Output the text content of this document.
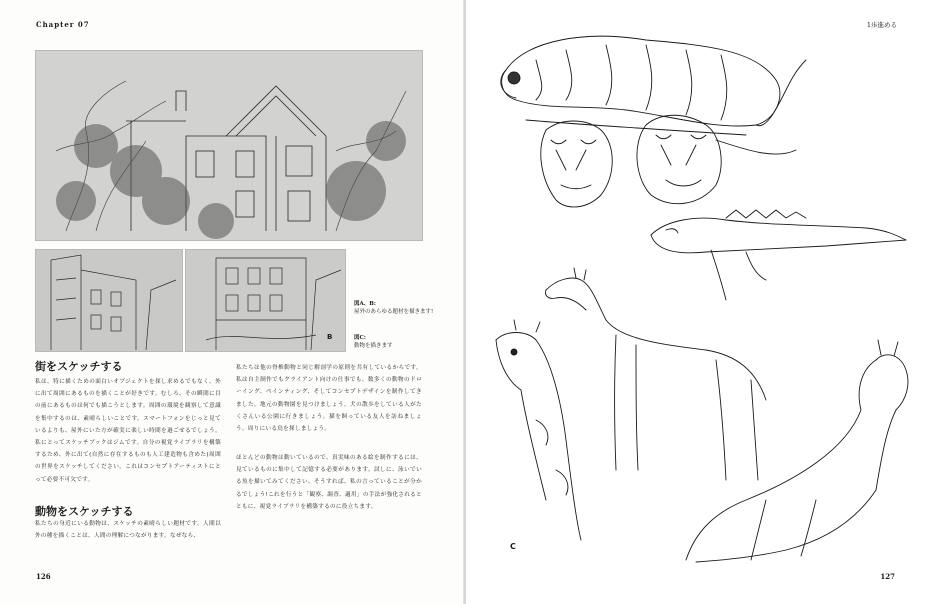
Chapter 07
B
図A、B:
屋外のあらゆる題材を描きます!
図C:
動物を描きます
街をスケッチする
私は、特に描くための面白いオブジェクトを探し求めるでもなく、外に出て周囲にあるものを描くことが好きです。むしろ、その瞬間に目の前にあるものは何でも描こうとします。周囲の環境を観察して意識を集中するのは、素晴らしいことです。スマートフォンをじっと見ているよりも、屋外にいた方が確実に楽しい時間を過ごせるでしょう。私にとってスケッチブックはジムです。自分の視覚ライブラリを構築するため、外に出て(自然に存在するものも人工建造物も含めた)周囲の世界をスケッチしてください。これはコンセプトアーティストにとって必要不可欠です。
動物をスケッチする
私たちの身近にいる動物は、スケッチの素晴らしい題材です。人間以外の種を描くことは、人間の理解につながります。なぜなら、
私たちは他の脊椎動物と同じ解剖学の原則を共有しているからです。私は自主制作でもクライアント向けの仕事でも、数多くの動物のドローイング、ペインティング、そしてコンセプトデザインを制作してきました。地元の動物園を見つけましょう。犬の散歩をしている人がたくさんいる公園に行きましょう。猫を飼っている友人を訪ねましょう。周りにいる鳥を探しましょう。
ほとんどの動物は動いているので、真実味のある絵を制作するには、見ているものに集中して記憶する必要があります。試しに、泳いでいる魚を描いてみてください。そうすれば、私の言っていることが分かるでしょう!これを行うと「観察、調査、適用」の手法が強化されるとともに、視覚ライブラリを構築するのに役立ちます。
126
1歩進める
C
127
